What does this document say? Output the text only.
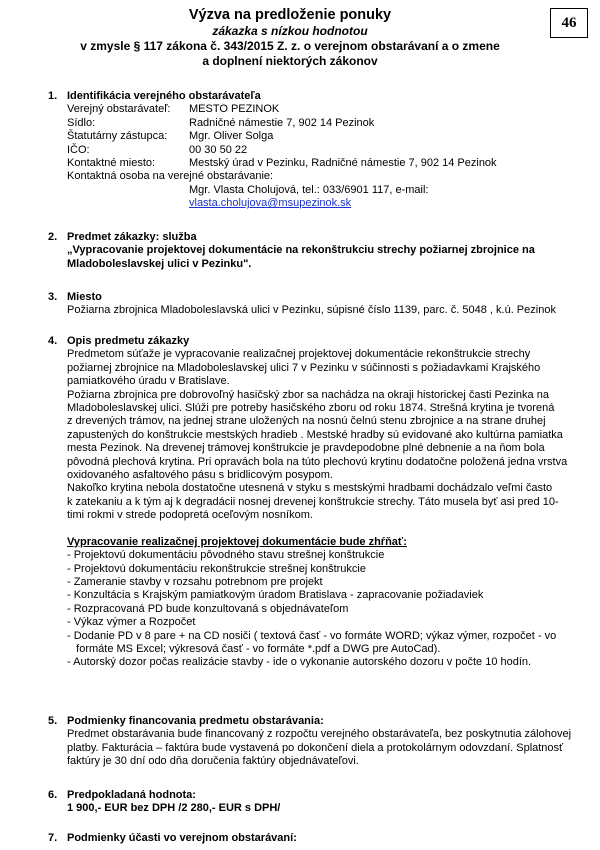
46
Výzva na predloženie ponuky
zákazka s nízkou hodnotou
v zmysle § 117 zákona č. 343/2015 Z. z. o verejnom obstarávaní a o zmene
a doplnení niektorých zákonov
1. Identifikácia verejného obstarávateľa
Verejný obstarávateľ: MESTO PEZINOK
Sídlo:	Radničné námestie 7, 902 14 Pezinok
Štatutárny zástupca: Mgr. Oliver Solga
IČO:	00 30 50 22
Kontaktné miesto:	Mestský úrad v Pezinku, Radničné námestie 7, 902 14 Pezinok
Kontaktná osoba na verejné obstarávanie:
Mgr. Vlasta Cholujová, tel.: 033/6901 117, e-mail:
vlasta.cholujova@msupezinok.sk
2. Predmet zákazky: služba
„Vypracovanie projektovej dokumentácie na rekonštrukciu strechy požiarnej zbrojnice na
Mladoboleslavskej ulici v Pezinku".
3. Miesto
Požiarna zbrojnica Mladoboleslavská ulici v Pezinku, súpisné číslo 1139, parc. č. 5048 , k.ú. Pezinok
4. Opis predmetu zákazky
Predmetom súťaže je vypracovanie realizačnej projektovej dokumentácie rekonštrukcie strechy
požiarnej zbrojnice na Mladoboleslavskej ulici 7 v Pezinku v súčinnosti s požiadavkami Krajského
pamiatkového úradu v Bratislave.
Požiarna zbrojnica pre dobrovoľný hasičský zbor sa nachádza na okraji historickej časti Pezinka na
Mladoboleslavskej ulici. Slúži pre potreby hasičského zboru od roku 1874. Strešná krytina je tvorená
z drevených trámov, na jednej strane uložených na nosnú čelnú stenu zbrojnice a na strane druhej
zapustených do konštrukcie mestských hradieb . Mestské hradby sú evidované ako kultúrna pamiatka
mesta Pezinok. Na drevenej trámovej konštrukcie je pravdepodobne plné debnenie a na ňom bola
pôvodná plechová krytina. Pri opravách bola na túto plechovú krytinu dodatočne položená jedna vrstva
oxidovaného asfaltového pásu s bridlicovým posypom.
Nakoľko krytina nebola dostatočne utesnená v styku s mestskými hradbami dochádzalo veľmi často
k zatekaniu a k tým aj k degradácii nosnej drevenej konštrukcie strechy. Táto musela byť asi pred 10-
timi rokmi v strede podopretá oceľovým nosníkom.
Vypracovanie realizačnej projektovej dokumentácie bude zhŕňať:
- Projektovú dokumentáciu pôvodného stavu strešnej konštrukcie
- Projektovú dokumentáciu rekonštrukcie strešnej konštrukcie
- Zameranie stavby v rozsahu potrebnom pre projekt
- Konzultácia s Krajským pamiatkovým úradom Bratislava - zapracovanie požiadaviek
- Rozpracovaná PD bude konzultovaná s objednávateľom
- Výkaz výmer a Rozpočet
- Dodanie PD v 8 pare + na CD nosiči ( textová časť - vo formáte WORD; výkaz výmer, rozpočet - vo
formáte MS Excel; výkresová časť - vo formáte *.pdf a DWG pre AutoCad).
- Autorský dozor počas realizácie stavby - ide o vykonanie autorského dozoru v počte 10 hodín.
5. Podmienky financovania predmetu obstarávania:
Predmet obstarávania bude financovaný z rozpočtu verejného obstarávateľa, bez poskytnutia zálohovej
platby. Fakturácia – faktúra bude vystavená po dokončení diela a protokolárnym odovzdaní. Splatnosť
faktúry je 30 dní odo dňa doručenia faktúry objednávateľovi.
6. Predpokladaná hodnota:
1 900,- EUR bez DPH /2 280,- EUR s DPH/
7. Podmienky účasti vo verejnom obstarávaní:
